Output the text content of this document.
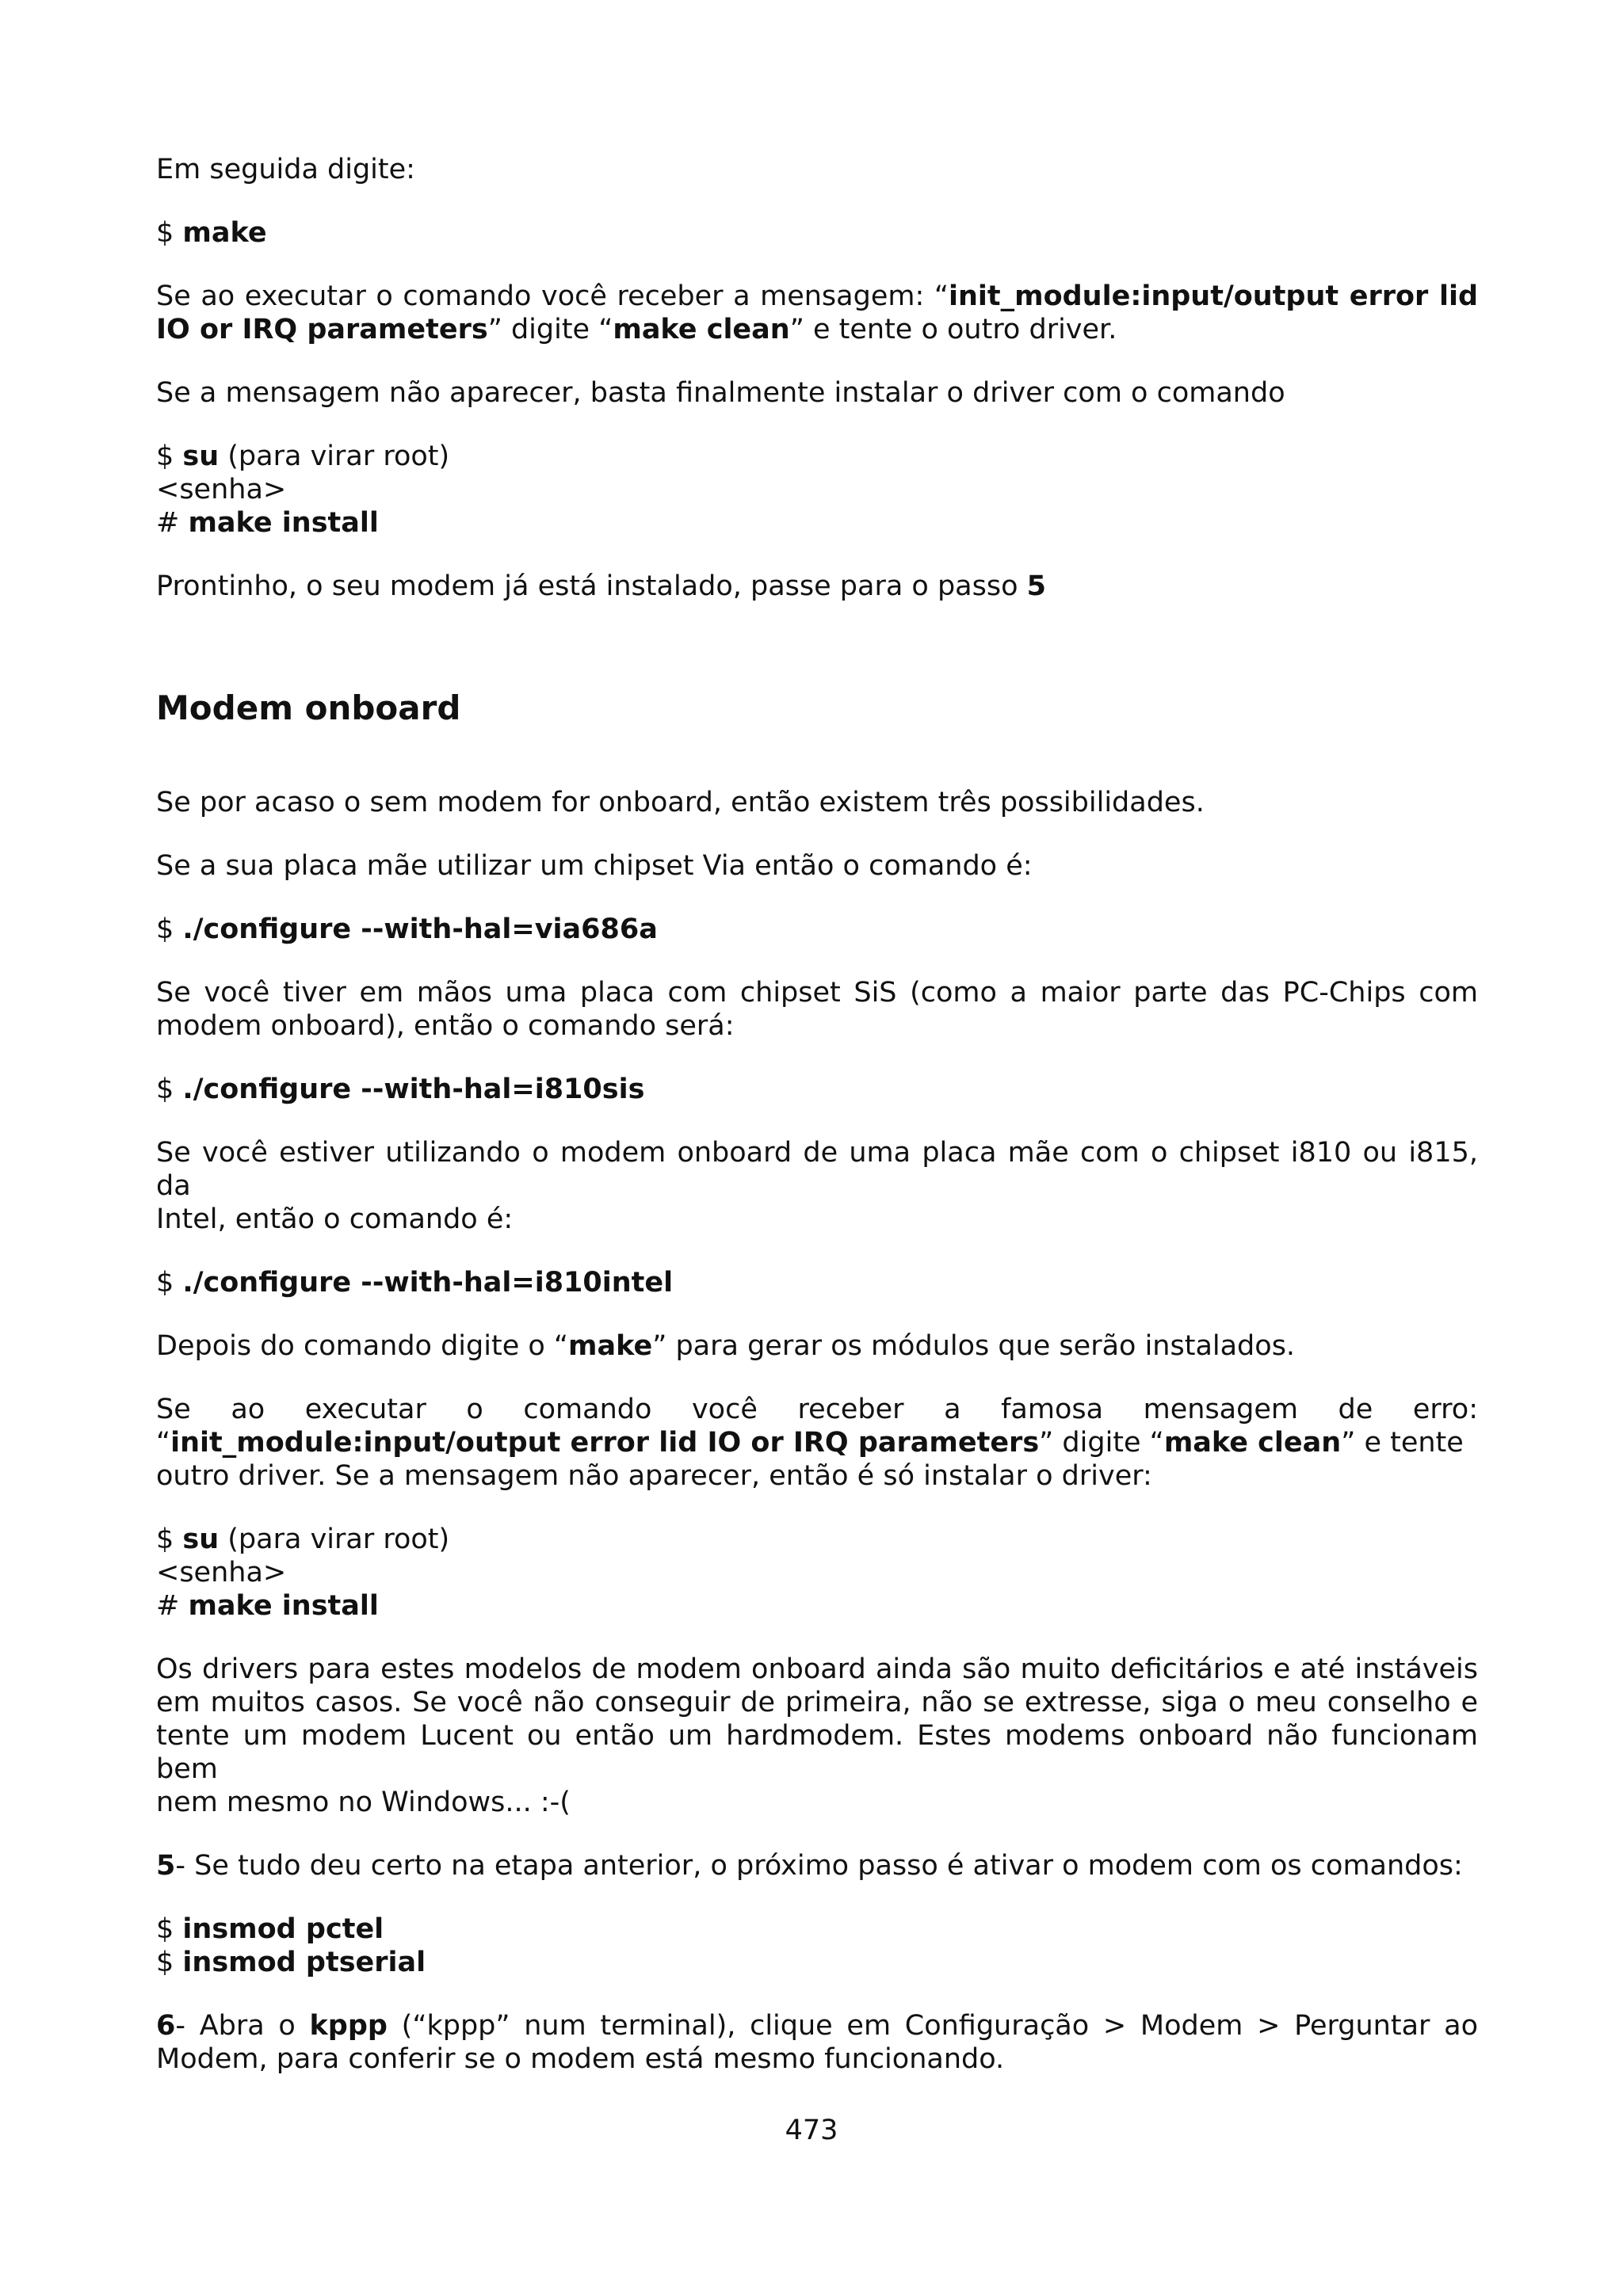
Em seguida digite:

$ make

Se ao executar o comando você receber a mensagem: “init_module:input/output error lid

IO or IRQ parameters” digite “make clean” e tente o outro driver.

Se a mensagem não aparecer, basta finalmente instalar o driver com o comando

$ su (para virar root)

<senha>

# make install

Prontinho, o seu modem já está instalado, passe para o passo 5

Modem onboard

Se por acaso o sem modem for onboard, então existem três possibilidades.

Se a sua placa mãe utilizar um chipset Via então o comando é:

$ ./configure --with-hal=via686a

Se você tiver em mãos uma placa com chipset SiS (como a maior parte das PC-Chips com

modem onboard), então o comando será:

$ ./configure --with-hal=i810sis

Se você estiver utilizando o modem onboard de uma placa mãe com o chipset i810 ou i815, da

Intel, então o comando é:

$ ./configure --with-hal=i810intel

Depois do comando digite o “make” para gerar os módulos que serão instalados.

Se ao executar o comando você receber a famosa mensagem de erro:

“init_module:input/output error lid IO or IRQ parameters” digite “make clean” e tente

outro driver. Se a mensagem não aparecer, então é só instalar o driver:

$ su (para virar root)

<senha>

# make install

Os drivers para estes modelos de modem onboard ainda são muito deficitários e até instáveis

em muitos casos. Se você não conseguir de primeira, não se extresse, siga o meu conselho e

tente um modem Lucent ou então um hardmodem. Estes modems onboard não funcionam bem

nem mesmo no Windows... :-(

5- Se tudo deu certo na etapa anterior, o próximo passo é ativar o modem com os comandos:

$ insmod pctel

$ insmod ptserial

6- Abra o kppp (“kppp” num terminal), clique em Configuração > Modem > Perguntar ao

Modem, para conferir se o modem está mesmo funcionando.

473
